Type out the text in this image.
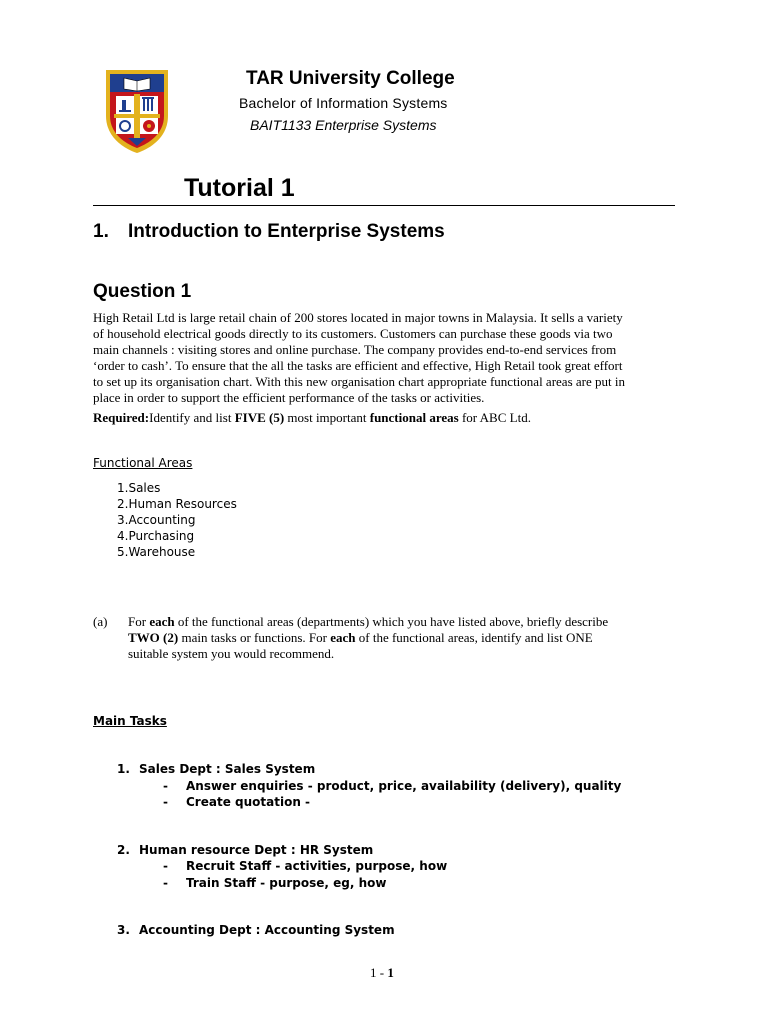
TAR University College
Bachelor of Information Systems
BAIT1133 Enterprise Systems
Tutorial 1
1. Introduction to Enterprise Systems
Question 1
High Retail Ltd is large retail chain of 200 stores located in major towns in Malaysia. It sells a variety
of household electrical goods directly to its customers. Customers can purchase these goods via two
main channels : visiting stores and online purchase. The company provides end-to-end services from
‘order to cash’. To ensure that the all the tasks are efficient and effective, High Retail took great effort
to set up its organisation chart. With this new organisation chart appropriate functional areas are put in
place in order to support the efficient performance of the tasks or activities.
Required:Identify and list FIVE (5) most important functional areas for ABC Ltd.
Functional Areas
1.Sales
2.Human Resources
3.Accounting
4.Purchasing
5.Warehouse
(a) For each of the functional areas (departments) which you have listed above, briefly describe
TWO (2) main tasks or functions. For each of the functional areas, identify and list ONE
suitable system you would recommend.
Main Tasks
1. Sales Dept : Sales System
- Answer enquiries - product, price, availability (delivery), quality
- Create quotation -
2. Human resource Dept : HR System
- Recruit Staff - activities, purpose, how
- Train Staff - purpose, eg, how
3. Accounting Dept : Accounting System
1 - 1
